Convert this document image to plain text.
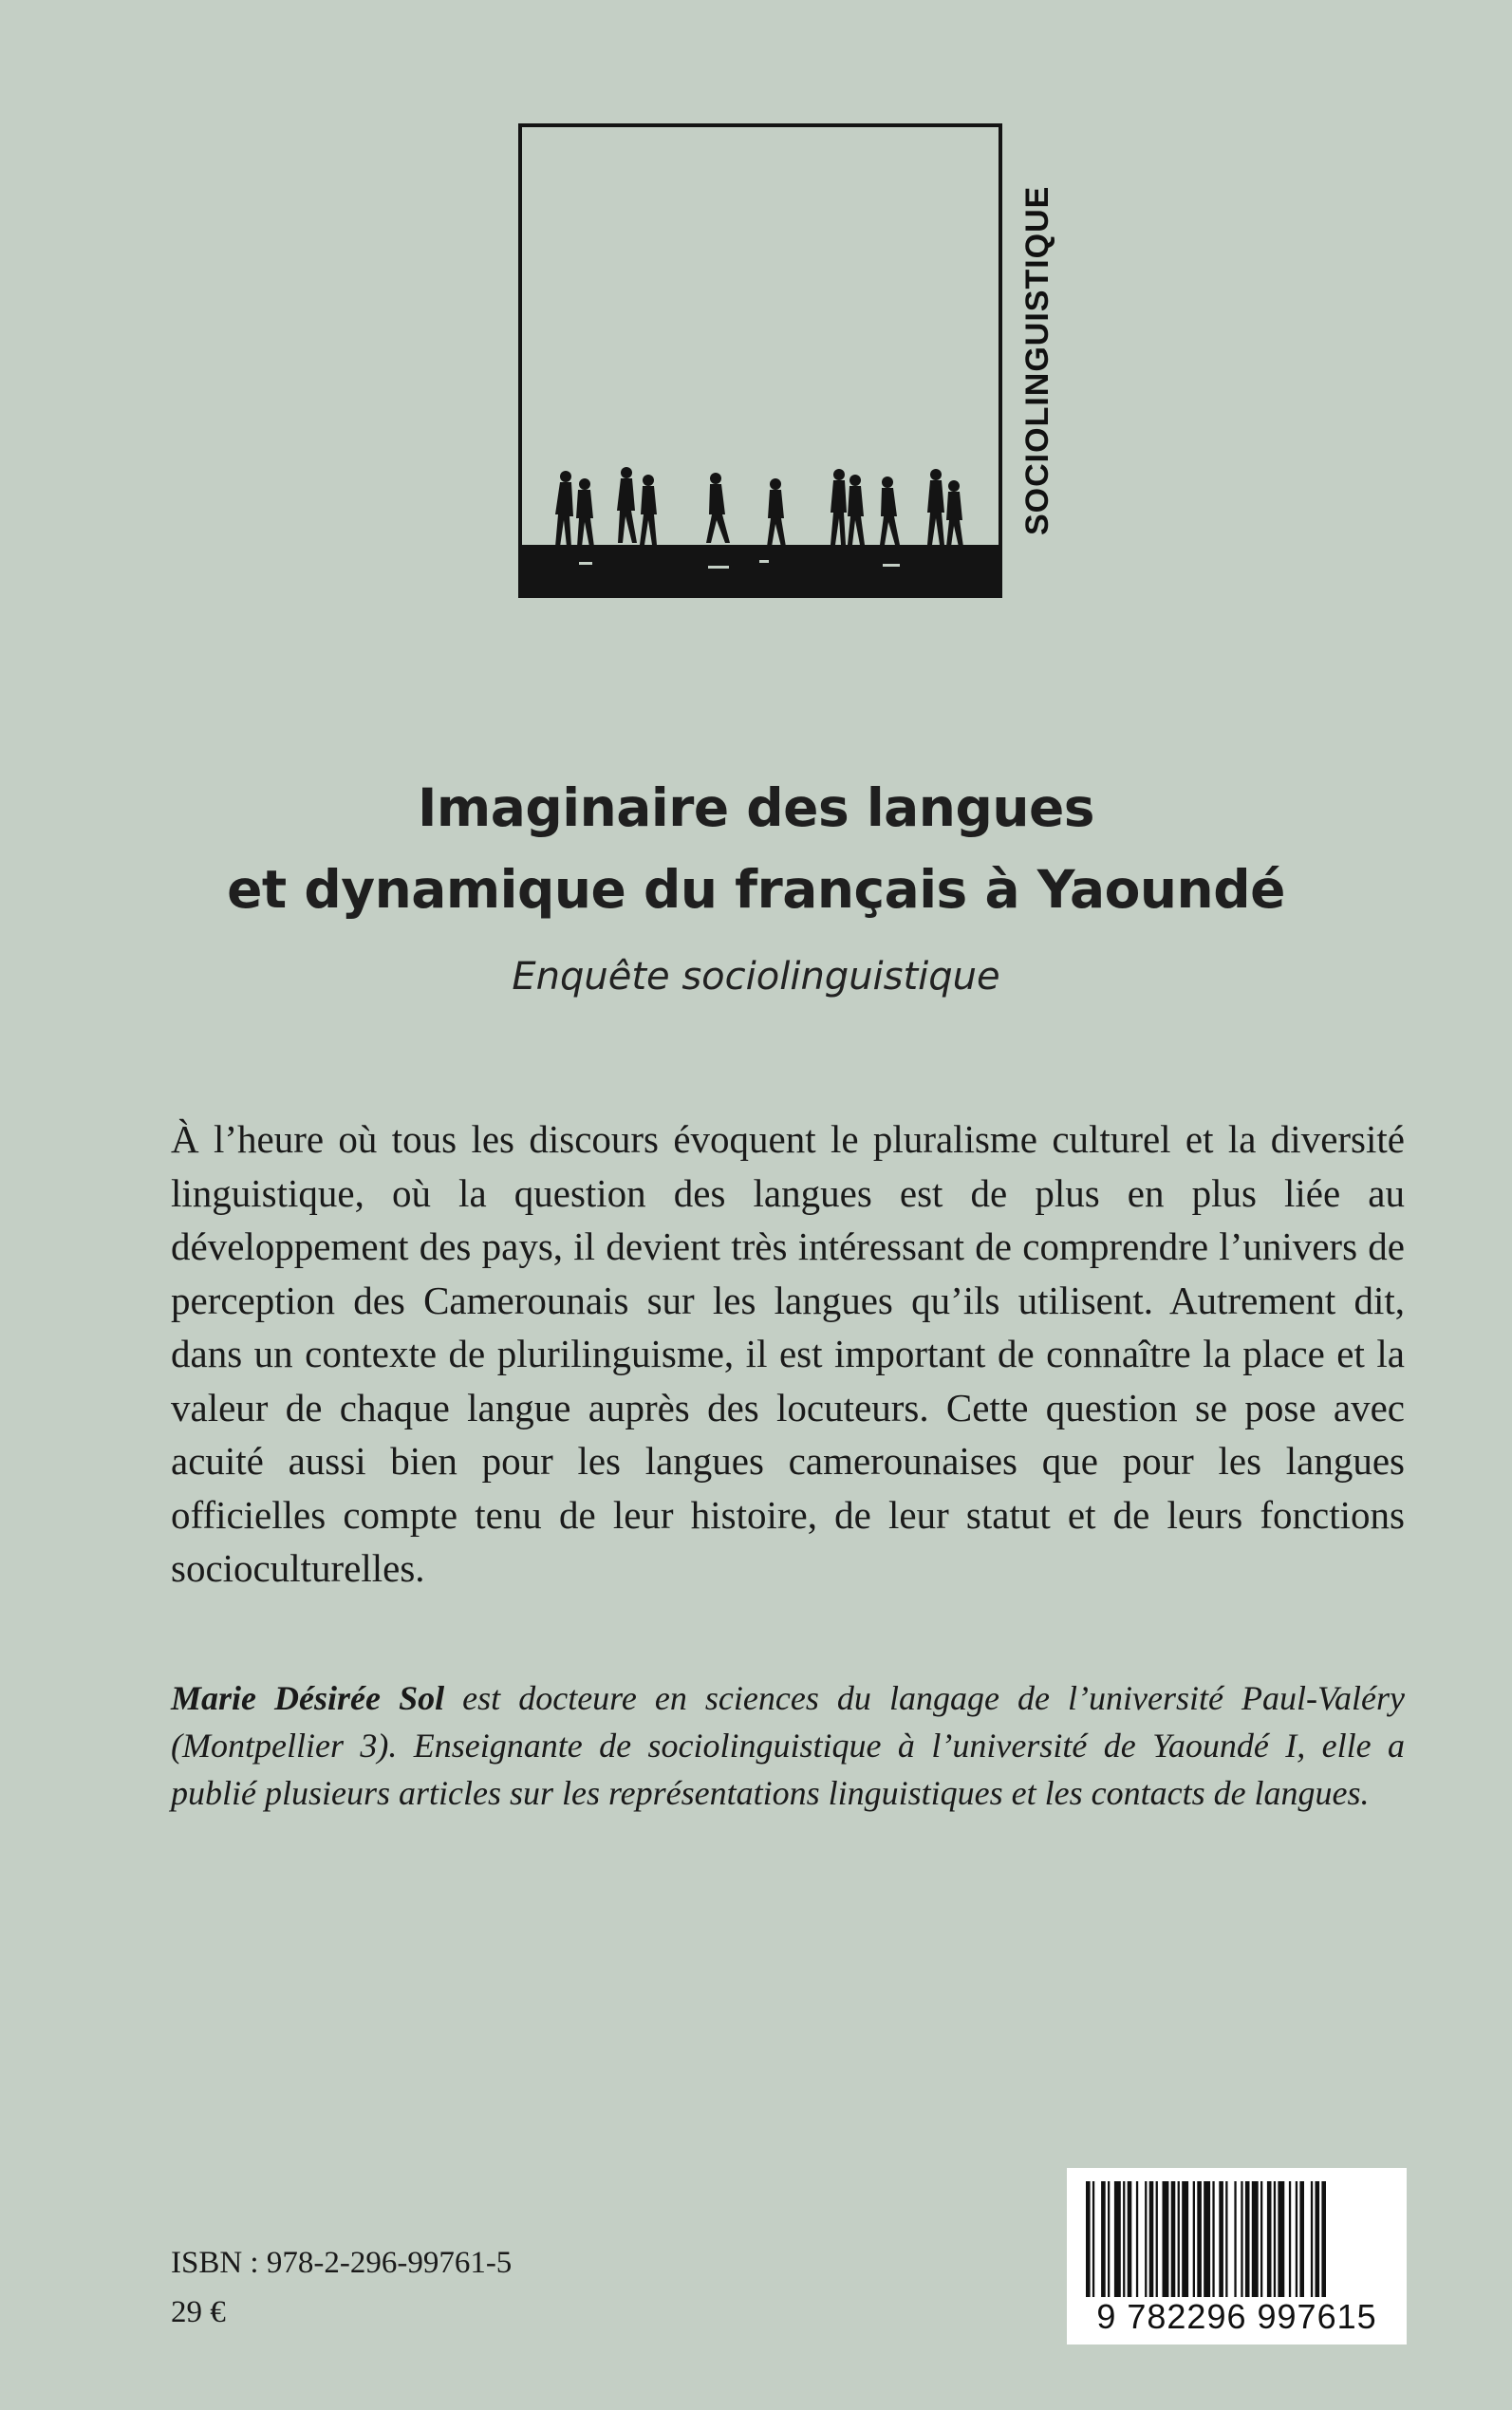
SOCIOLINGUISTIQUE
Imaginaire des langues
et dynamique du français à Yaoundé
Enquête sociolinguistique
À l’heure où tous les discours évoquent le pluralisme culturel et la diversité linguistique, où la question des langues est de plus en plus liée au développement des pays, il devient très intéressant de comprendre l’univers de perception des Camerounais sur les langues qu’ils utilisent. Autrement dit, dans un contexte de plurilinguisme, il est important de connaître la place et la valeur de chaque langue auprès des locuteurs. Cette question se pose avec acuité aussi bien pour les langues camerounaises que pour les langues officielles compte tenu de leur histoire, de leur statut et de leurs fonctions socioculturelles.
Marie Désirée Sol est docteure en sciences du langage de l’université Paul-Valéry (Montpellier 3). Enseignante de sociolinguistique à l’université de Yaoundé I, elle a publié plusieurs articles sur les représentations linguistiques et les contacts de langues.
ISBN : 978-2-296-99761-5
29 €	9 782296 997615
